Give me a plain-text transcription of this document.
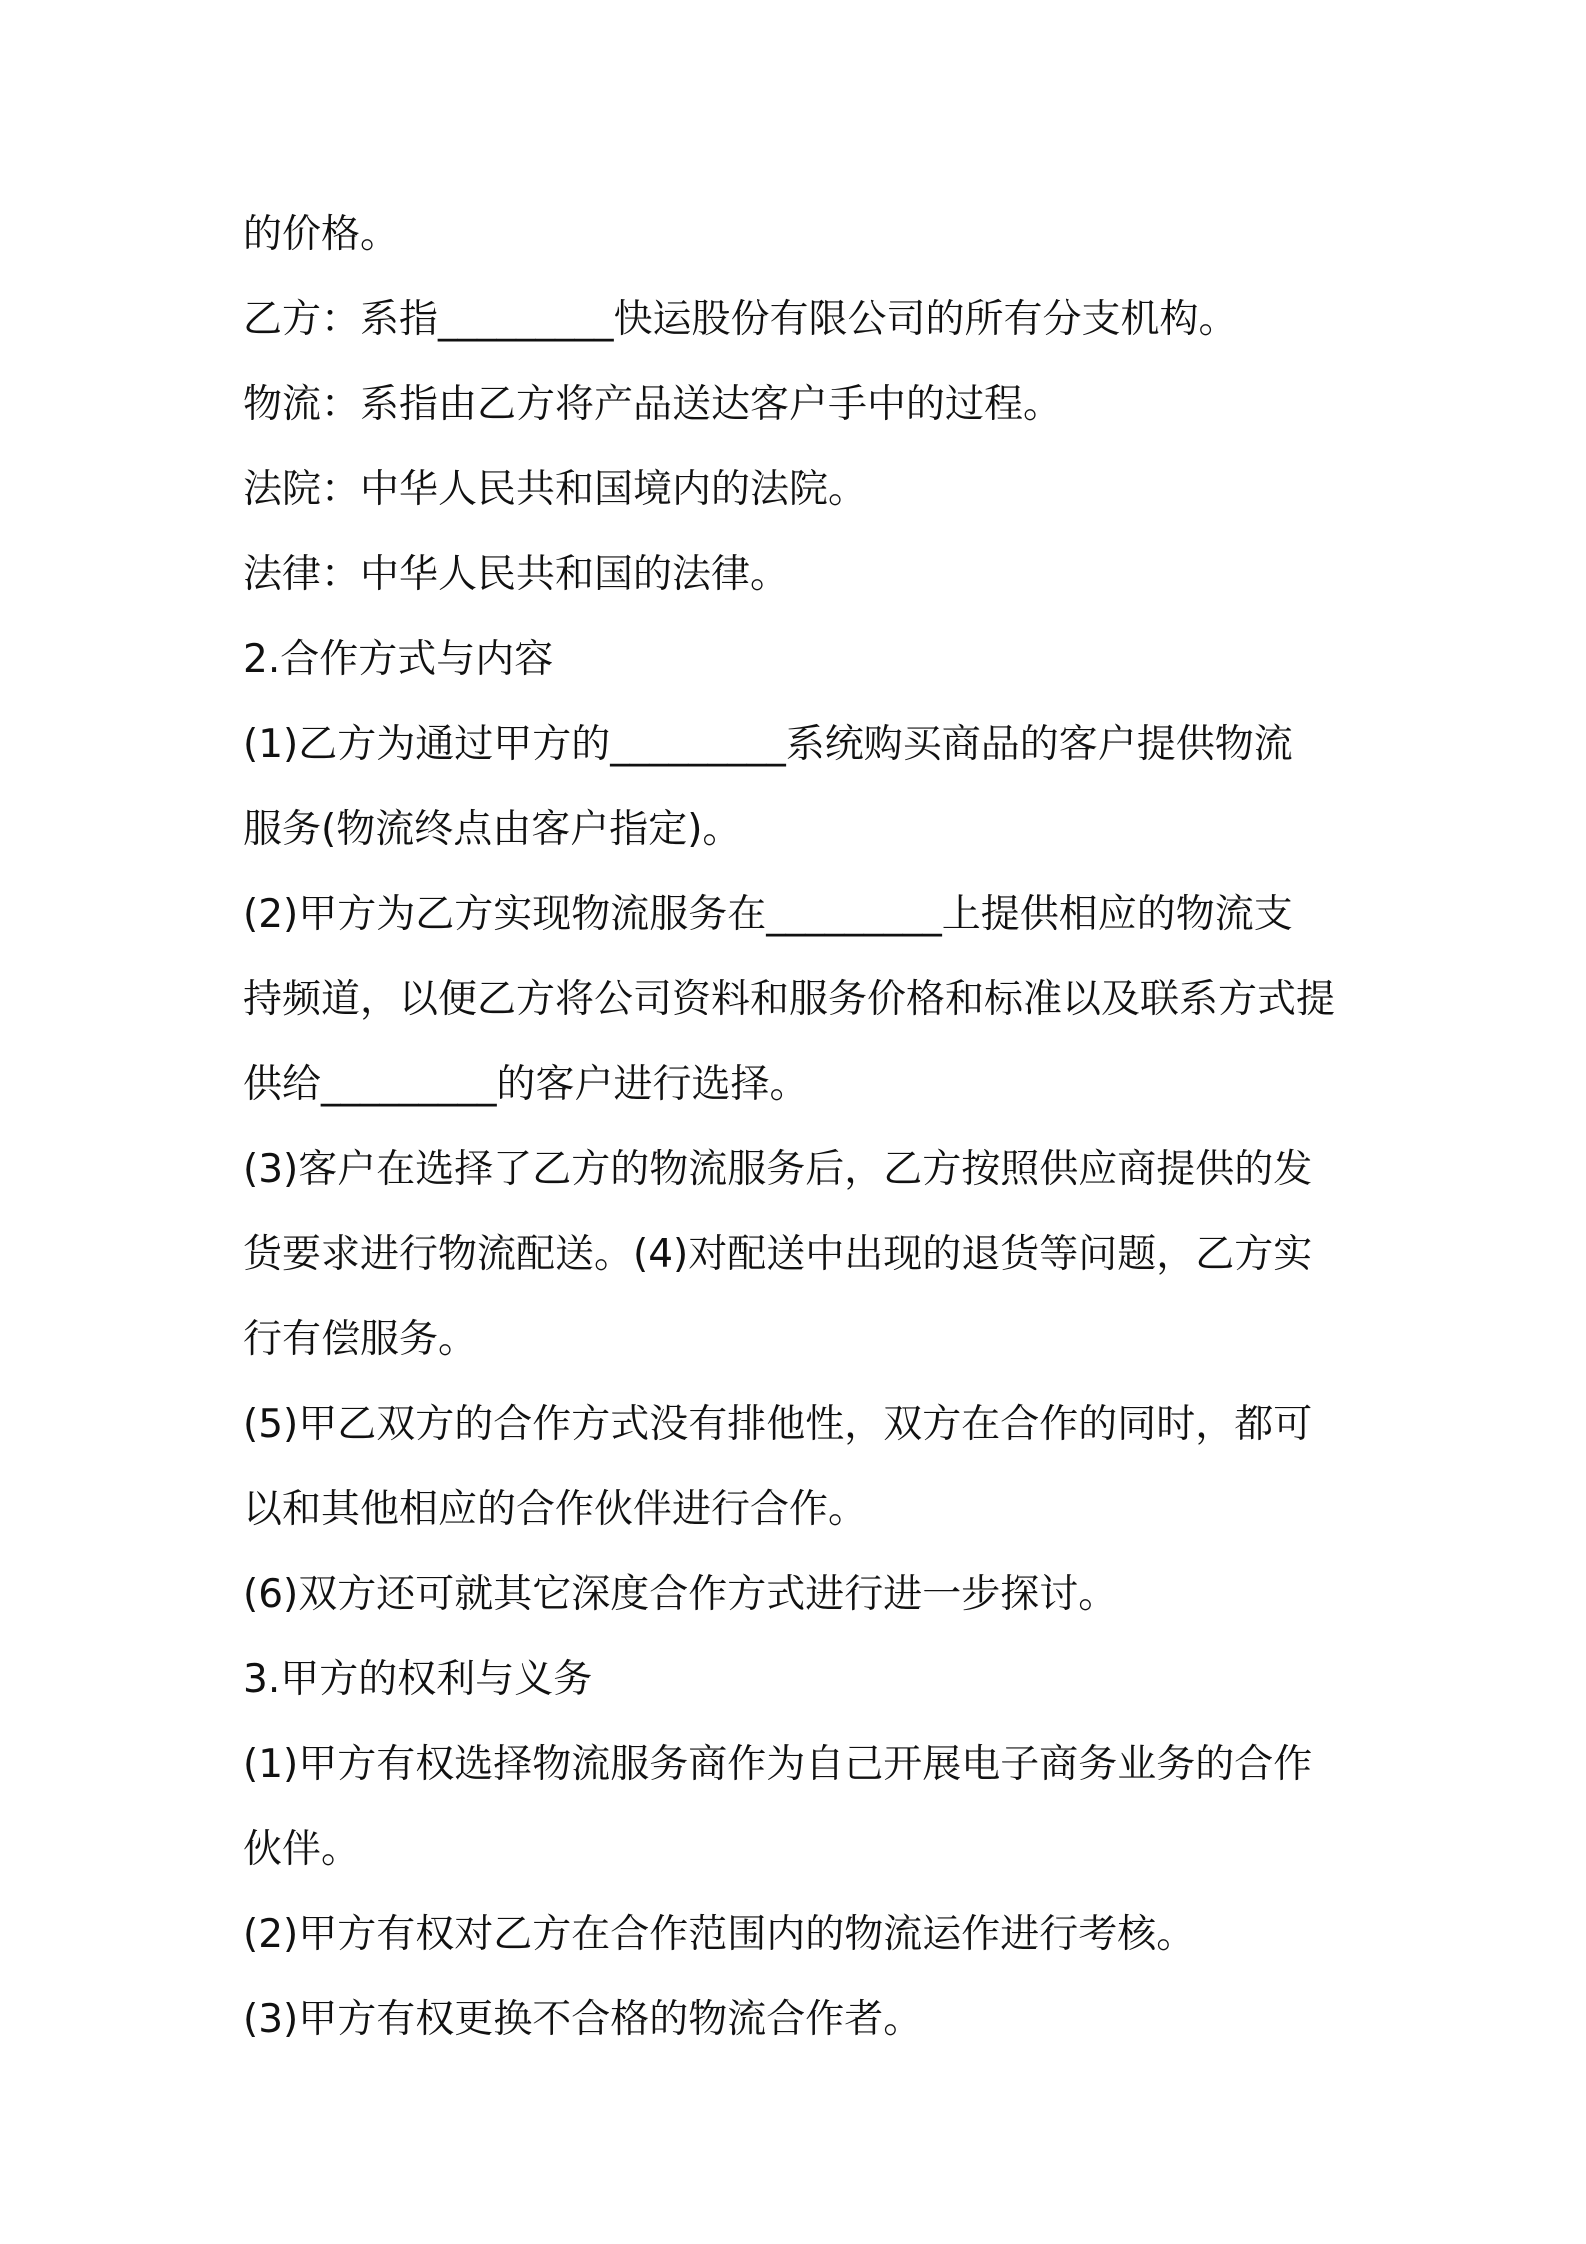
的价格。

乙方：系指_________快运股份有限公司的所有分支机构。

物流：系指由乙方将产品送达客户手中的过程。

法院：中华人民共和国境内的法院。

法律：中华人民共和国的法律。

2.合作方式与内容

(1)乙方为通过甲方的_________系统购买商品的客户提供物流

服务(物流终点由客户指定)。

(2)甲方为乙方实现物流服务在_________上提供相应的物流支

持频道，以便乙方将公司资料和服务价格和标准以及联系方式提

供给_________的客户进行选择。

(3)客户在选择了乙方的物流服务后，乙方按照供应商提供的发

货要求进行物流配送。(4)对配送中出现的退货等问题，乙方实

行有偿服务。

(5)甲乙双方的合作方式没有排他性，双方在合作的同时，都可

以和其他相应的合作伙伴进行合作。

(6)双方还可就其它深度合作方式进行进一步探讨。

3.甲方的权利与义务

(1)甲方有权选择物流服务商作为自己开展电子商务业务的合作

伙伴。

(2)甲方有权对乙方在合作范围内的物流运作进行考核。

(3)甲方有权更换不合格的物流合作者。
